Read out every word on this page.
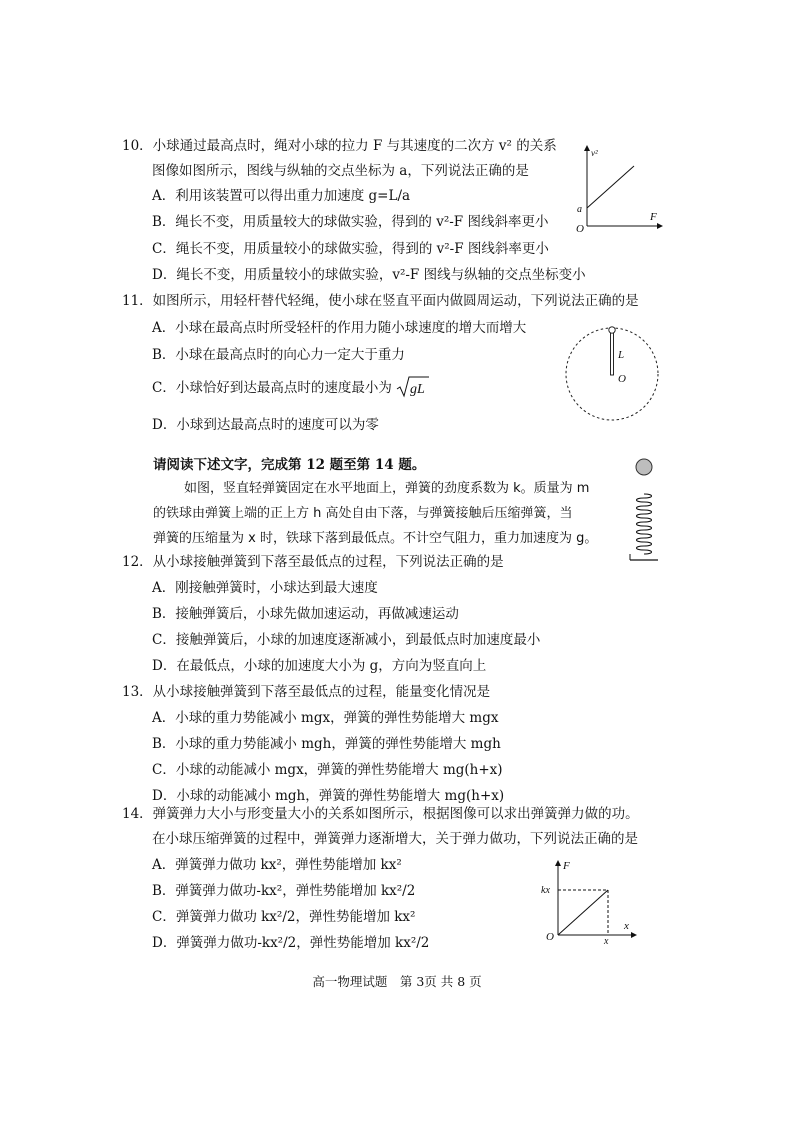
10．小球通过最高点时，绳对小球的拉力 F 与其速度的二次方 v² 的关系
图像如图所示，图线与纵轴的交点坐标为 a，下列说法正确的是
A．利用该装置可以得出重力加速度 g=L/a
B．绳长不变，用质量较大的球做实验，得到的 v²-F 图线斜率更小
C．绳长不变，用质量较小的球做实验，得到的 v²-F 图线斜率更小
D．绳长不变，用质量较小的球做实验，v²-F 图线与纵轴的交点坐标变小
v²
F
a
O
11．如图所示，用轻杆替代轻绳，使小球在竖直平面内做圆周运动，下列说法正确的是
A．小球在最高点时所受轻杆的作用力随小球速度的增大而增大
B．小球在最高点时的向心力一定大于重力
C．小球恰好到达最高点时的速度最小为 gL
D．小球到达最高点时的速度可以为零
L
O
请阅读下述文字，完成第 12 题至第 14 题。
如图，竖直轻弹簧固定在水平地面上，弹簧的劲度系数为 k。质量为 m
的铁球由弹簧上端的正上方 h 高处自由下落，与弹簧接触后压缩弹簧，当
弹簧的压缩量为 x 时，铁球下落到最低点。不计空气阻力，重力加速度为 g。
12．从小球接触弹簧到下落至最低点的过程，下列说法正确的是
A．刚接触弹簧时，小球达到最大速度
B．接触弹簧后，小球先做加速运动，再做减速运动
C．接触弹簧后，小球的加速度逐渐减小，到最低点时加速度最小
D．在最低点，小球的加速度大小为 g，方向为竖直向上
13．从小球接触弹簧到下落至最低点的过程，能量变化情况是
A．小球的重力势能减小 mgx，弹簧的弹性势能增大 mgx
B．小球的重力势能减小 mgh，弹簧的弹性势能增大 mgh
C．小球的动能减小 mgx，弹簧的弹性势能增大 mg(h+x)
D．小球的动能减小 mgh，弹簧的弹性势能增大 mg(h+x)
14．弹簧弹力大小与形变量大小的关系如图所示，根据图像可以求出弹簧弹力做的功。
在小球压缩弹簧的过程中，弹簧弹力逐渐增大，关于弹力做功，下列说法正确的是
A．弹簧弹力做功 kx²，弹性势能增加 kx²
B．弹簧弹力做功-kx²，弹性势能增加 kx²/2
C．弹簧弹力做功 kx²/2，弹性势能增加 kx²
D．弹簧弹力做功-kx²/2，弹性势能增加 kx²/2
F
x
kx
x
O
高一物理试题　第 3页 共 8 页
